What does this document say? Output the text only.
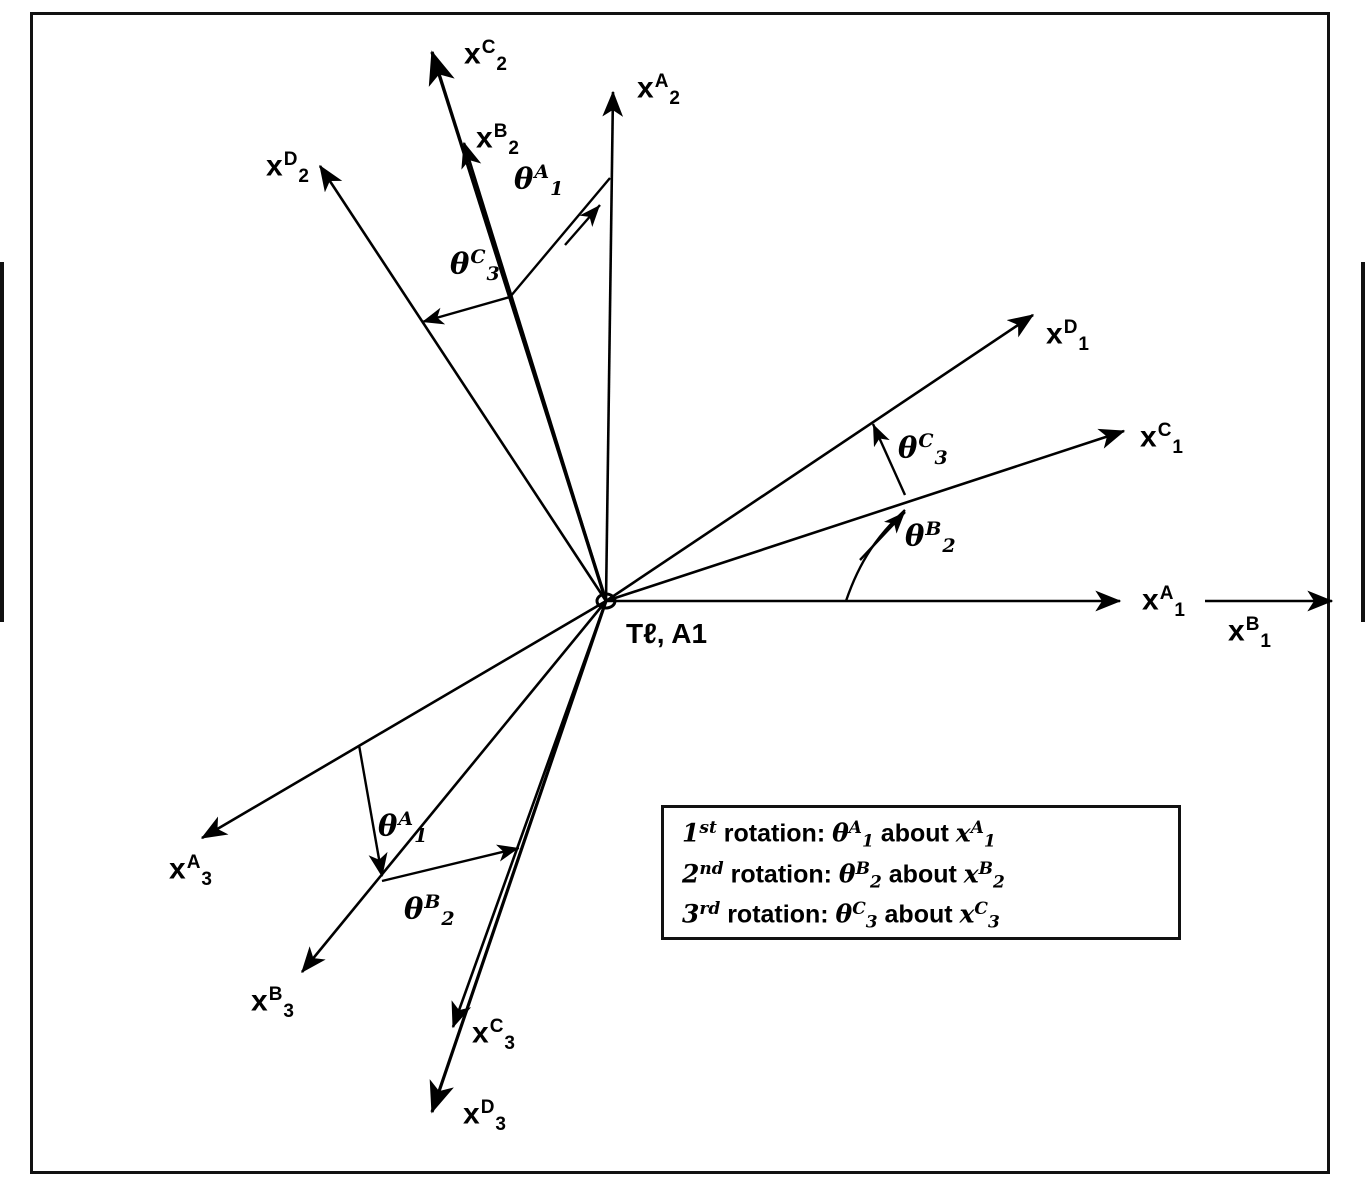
$x^C_2$
$x^A_2$
$x^B_2$
$x^D_2$
$x^D_1$
$x^C_1$
$x^A_1$
$x^B_1$
$x^A_3$
$x^B_3$
$x^C_3$
$x^D_3$
$\theta^A_1$
$\theta^C_3$
$\theta^C_3$
$\theta^B_2$
$\theta^A_1$
$\theta^B_2$
Tℓ, A1
1st rotation: $\theta^A_1$ about $x^A_1$
2nd rotation: $\theta^B_2$ about $x^B_2$
3rd rotation: $\theta^C_3$ about $x^C_3$
